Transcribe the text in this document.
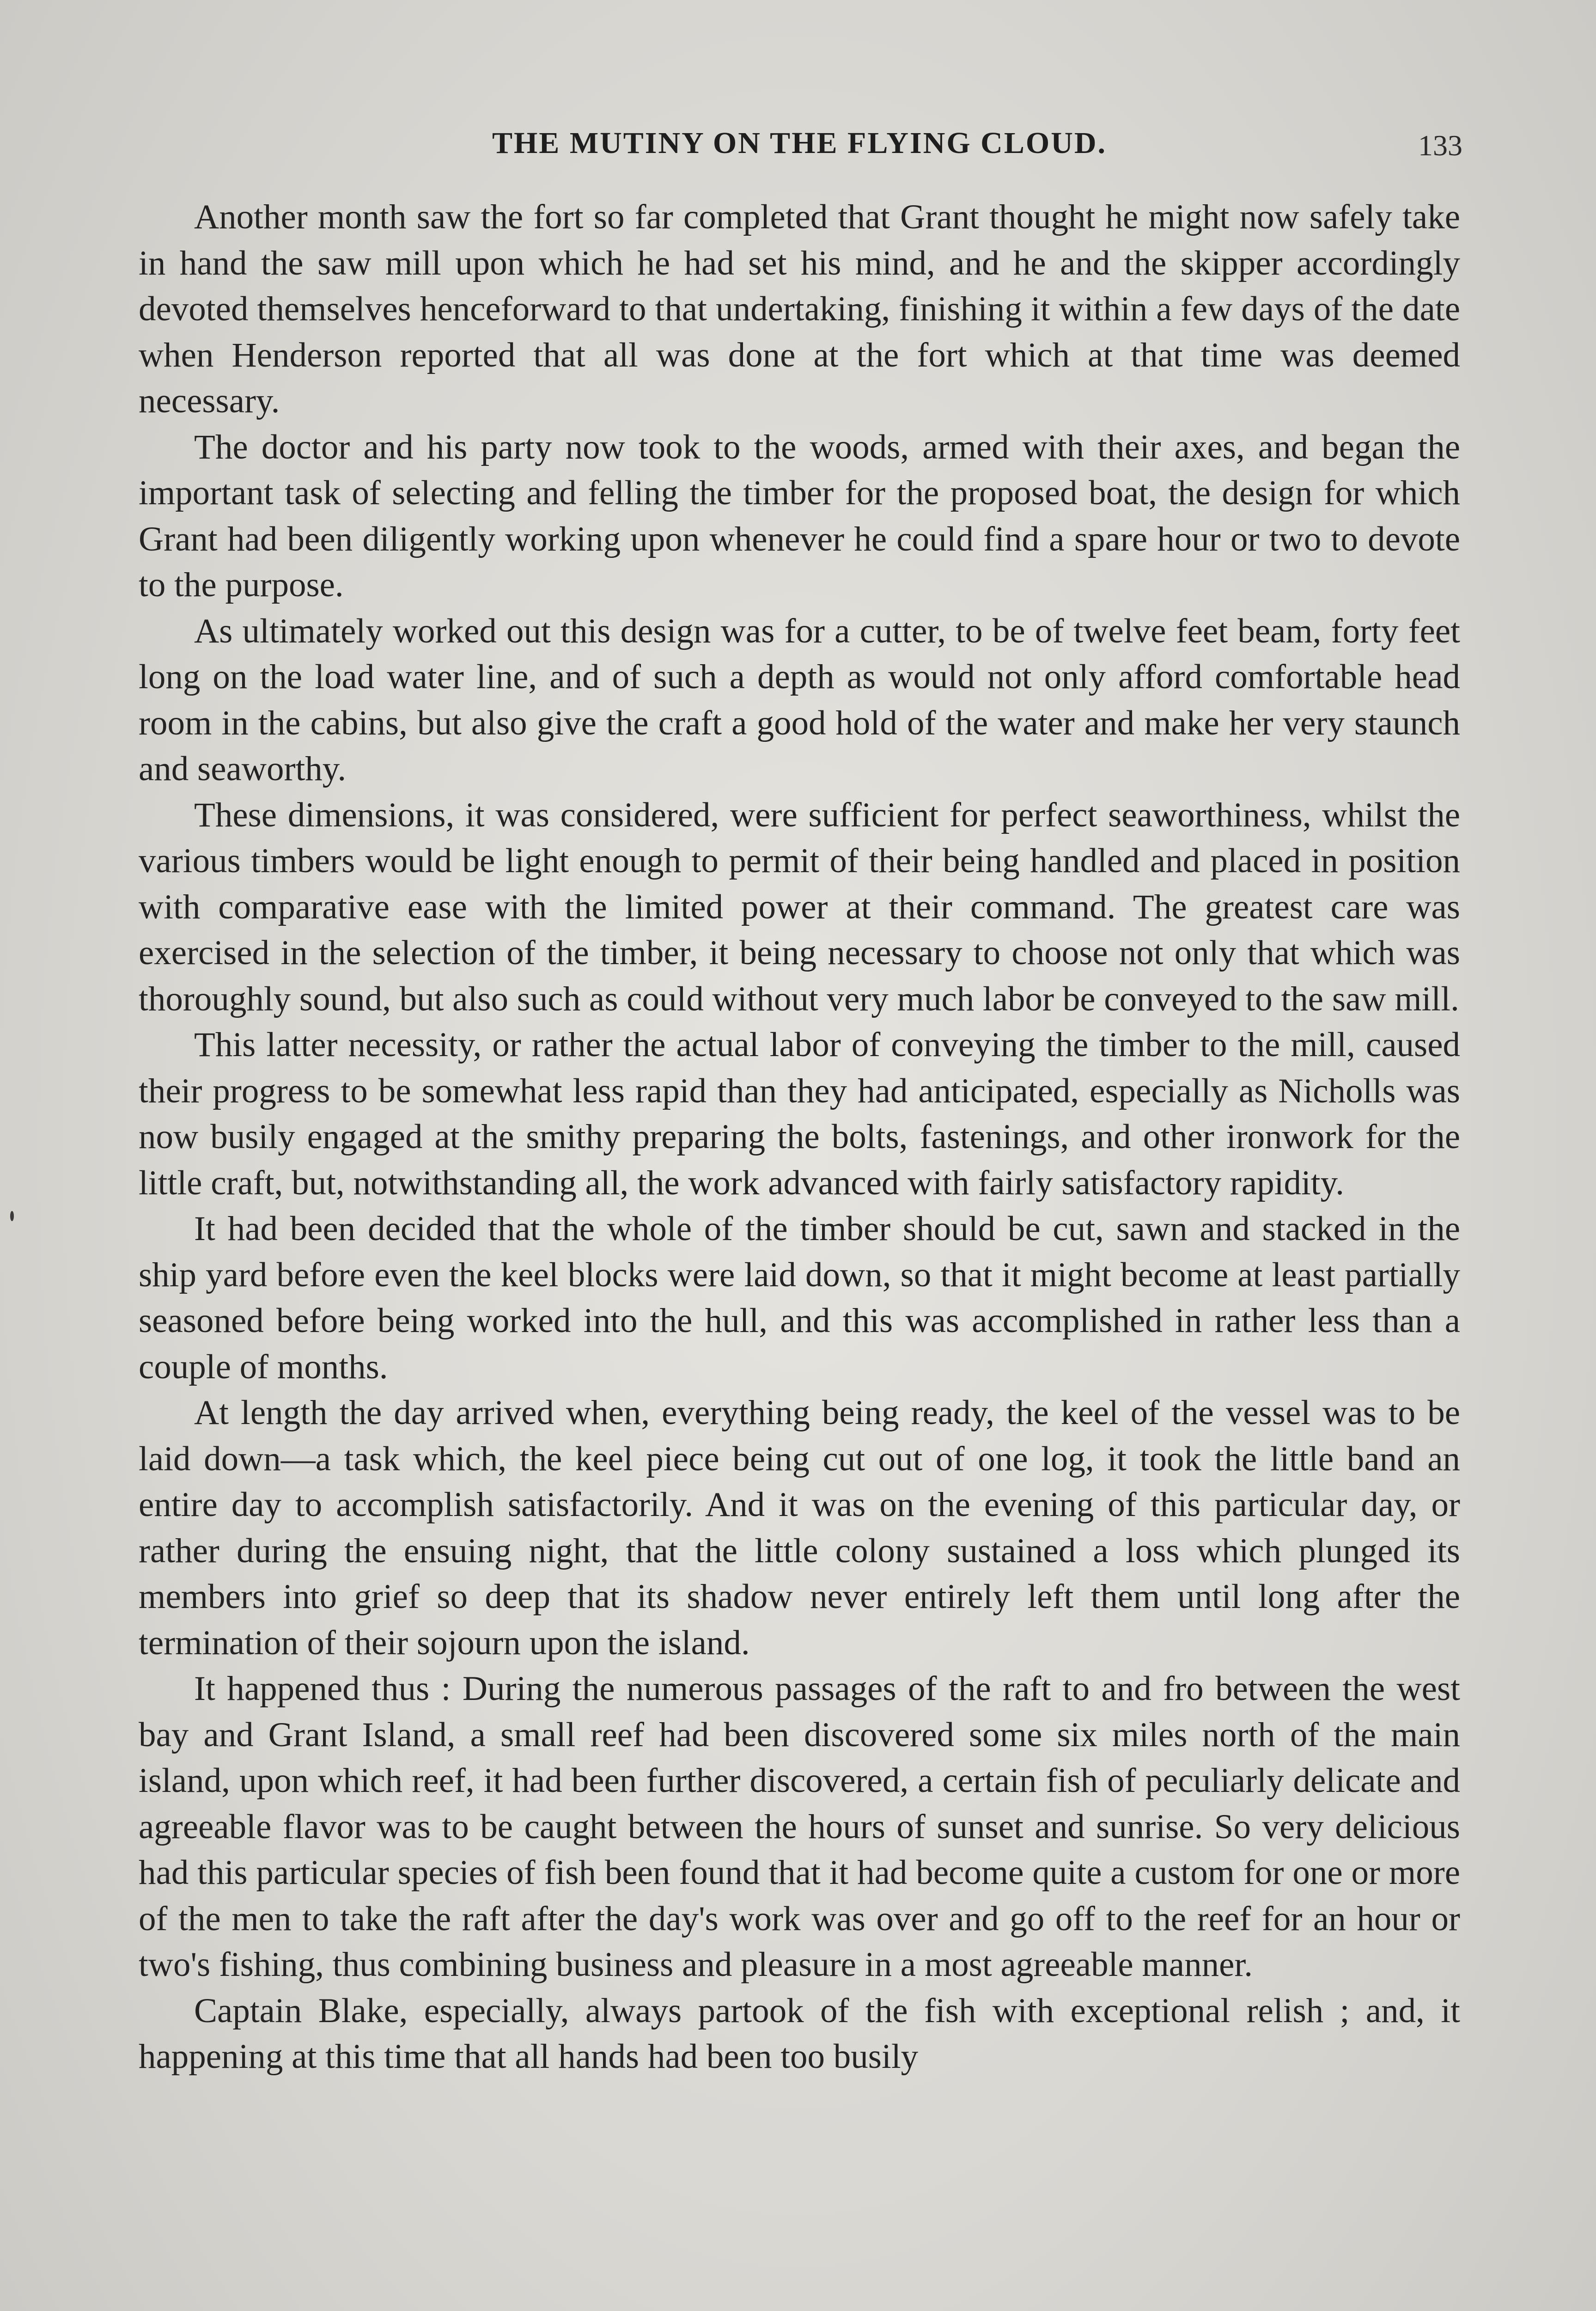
THE MUTINY ON THE FLYING CLOUD.	133

Another month saw the fort so far completed that Grant thought he might now safely take in hand the saw mill upon which he had set his mind, and he and the skipper accordingly devoted themselves henceforward to that undertaking, finishing it within a few days of the date when Henderson reported that all was done at the fort which at that time was deemed necessary.

The doctor and his party now took to the woods, armed with their axes, and began the important task of selecting and felling the timber for the proposed boat, the design for which Grant had been diligently working upon whenever he could find a spare hour or two to devote to the purpose.

As ultimately worked out this design was for a cutter, to be of twelve feet beam, forty feet long on the load water line, and of such a depth as would not only afford comfortable head room in the cabins, but also give the craft a good hold of the water and make her very staunch and seaworthy.

These dimensions, it was considered, were sufficient for perfect seaworthiness, whilst the various timbers would be light enough to permit of their being handled and placed in position with comparative ease with the limited power at their command. The greatest care was exercised in the selection of the timber, it being necessary to choose not only that which was thoroughly sound, but also such as could without very much labor be conveyed to the saw mill.

This latter necessity, or rather the actual labor of conveying the timber to the mill, caused their progress to be somewhat less rapid than they had anticipated, especially as Nicholls was now busily engaged at the smithy preparing the bolts, fastenings, and other ironwork for the little craft, but, notwithstanding all, the work advanced with fairly satisfactory rapidity.

It had been decided that the whole of the timber should be cut, sawn and stacked in the ship yard before even the keel blocks were laid down, so that it might become at least partially seasoned before being worked into the hull, and this was accomplished in rather less than a couple of months.

At length the day arrived when, everything being ready, the keel of the vessel was to be laid down—a task which, the keel piece being cut out of one log, it took the little band an entire day to accomplish satisfactorily. And it was on the evening of this particular day, or rather during the ensuing night, that the little colony sustained a loss which plunged its members into grief so deep that its shadow never entirely left them until long after the termination of their sojourn upon the island.

It happened thus : During the numerous passages of the raft to and fro between the west bay and Grant Island, a small reef had been discovered some six miles north of the main island, upon which reef, it had been further discovered, a certain fish of peculiarly delicate and agreeable flavor was to be caught between the hours of sunset and sunrise. So very delicious had this particular species of fish been found that it had become quite a custom for one or more of the men to take the raft after the day's work was over and go off to the reef for an hour or two's fishing, thus combining business and pleasure in a most agreeable manner.

Captain Blake, especially, always partook of the fish with exceptional relish ; and, it happening at this time that all hands had been too busily
